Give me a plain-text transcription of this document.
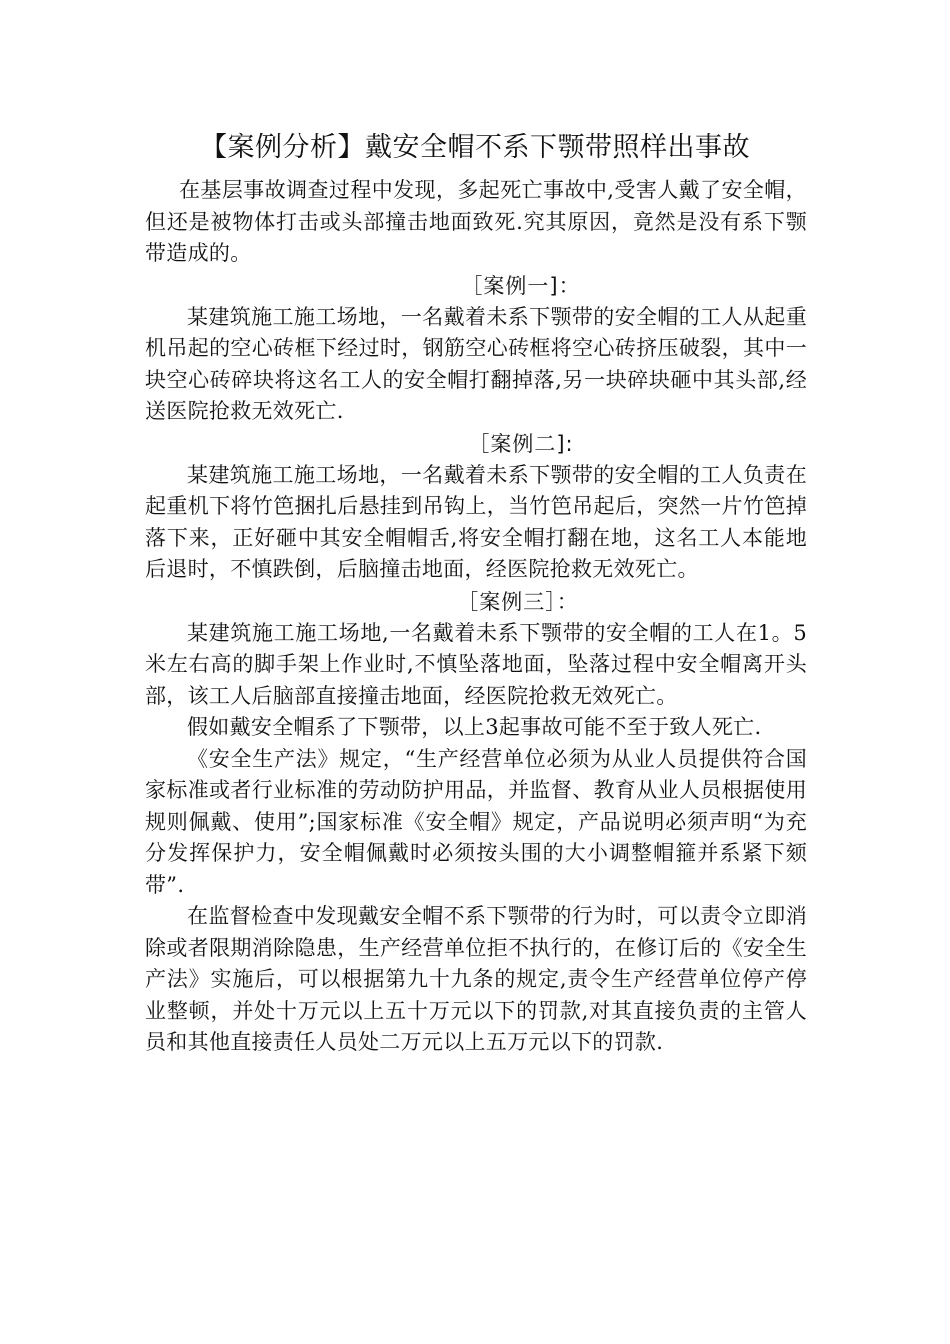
【案例分析】戴安全帽不系下颚带照样出事故

在基层事故调查过程中发现，多起死亡事故中,受害人戴了安全帽，但还是被物体打击或头部撞击地面致死.究其原因，竟然是没有系下颚带造成的。

［案例一]：

某建筑施工施工场地，一名戴着未系下颚带的安全帽的工人从起重机吊起的空心砖框下经过时，钢筋空心砖框将空心砖挤压破裂，其中一块空心砖碎块将这名工人的安全帽打翻掉落,另一块碎块砸中其头部,经送医院抢救无效死亡.

［案例二]:

某建筑施工施工场地，一名戴着未系下颚带的安全帽的工人负责在起重机下将竹笆捆扎后悬挂到吊钩上，当竹笆吊起后，突然一片竹笆掉落下来，正好砸中其安全帽帽舌,将安全帽打翻在地，这名工人本能地后退时，不慎跌倒，后脑撞击地面，经医院抢救无效死亡。

［案例三］：

某建筑施工施工场地,一名戴着未系下颚带的安全帽的工人在1。5米左右高的脚手架上作业时,不慎坠落地面，坠落过程中安全帽离开头部，该工人后脑部直接撞击地面，经医院抢救无效死亡。

假如戴安全帽系了下颚带，以上3起事故可能不至于致人死亡.

《安全生产法》规定，“生产经营单位必须为从业人员提供符合国家标准或者行业标准的劳动防护用品，并监督、教育从业人员根据使用规则佩戴、使用”;国家标准《安全帽》规定，产品说明必须声明“为充分发挥保护力，安全帽佩戴时必须按头围的大小调整帽箍并系紧下颏带”.

在监督检查中发现戴安全帽不系下颚带的行为时，可以责令立即消除或者限期消除隐患，生产经营单位拒不执行的，在修订后的《安全生产法》实施后，可以根据第九十九条的规定,责令生产经营单位停产停业整顿，并处十万元以上五十万元以下的罚款,对其直接负责的主管人员和其他直接责任人员处二万元以上五万元以下的罚款.
